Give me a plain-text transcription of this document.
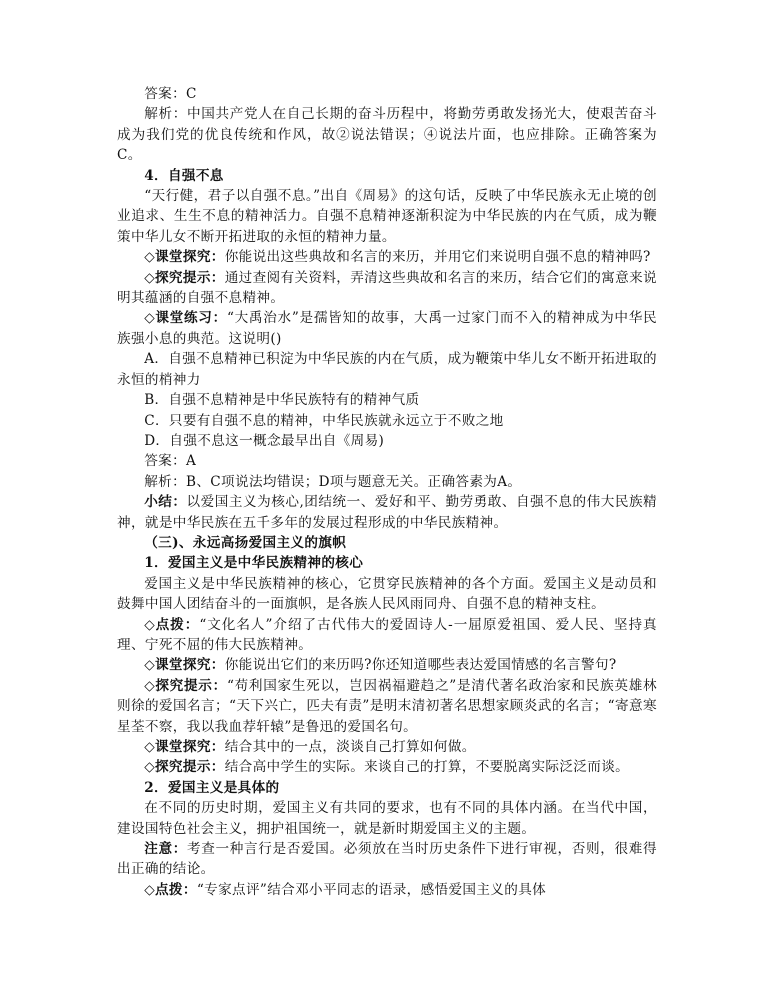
答案：C

解析：中国共产党人在自己长期的奋斗历程中，将勤劳勇敢发扬光大，使艰苦奋斗成为我们党的优良传统和作风，故②说法错误；④说法片面，也应排除。正确答案为C。

4．自强不息

“天行健，君子以自强不息。”出自《周易》的这句话，反映了中华民族永无止境的创业追求、生生不息的精神活力。自强不息精神逐渐积淀为中华民族的内在气质，成为鞭策中华儿女不断开拓进取的永恒的精神力量。

◇课堂探究：你能说出这些典故和名言的来历，并用它们来说明自强不息的精神吗?

◇探究提示：通过查阅有关资料，弄清这些典故和名言的来历，结合它们的寓意来说明其蕴涵的自强不息精神。

◇课堂练习：“大禹治水”是孺皆知的故事，大禹一过家门而不入的精神成为中华民族强小息的典范。这说明()

A．自强不息精神已积淀为中华民族的内在气质，成为鞭策中华儿女不断开拓进取的永恒的梢神力

B．自强不息精神是中华民族特有的精神气质

C．只要有自强不息的精神，中华民族就永远立于不败之地

D．自强不息这一概念最早出自《周易)

答案：A

解析：B、C项说法均错误；D项与题意无关。正确答素为A。

小结：以爱国主义为核心,团结统一、爱好和平、勤劳勇敢、自强不息的伟大民族精神，就是中华民族在五千多年的发展过程形成的中华民族精神。

（三)、永远高扬爱国主义的旗帜

1．爱国主义是中华民族精神的核心

爱国主义是中华民族精神的核心，它贯穿民族精神的各个方面。爱国主义是动员和鼓舞中国人团结奋斗的一面旗帜，是各族人民风雨同舟、自强不息的精神支柱。

◇点拨：“文化名人”介绍了古代伟大的爱固诗人-一屈原爱祖国、爱人民、坚持真理、宁死不屈的伟大民族精神。

◇课堂探究：你能说出它们的来历吗?你还知道哪些表达爱国情感的名言警句?

◇探究提示：“苟利国家生死以，岂因祸福避趋之”是清代著名政治家和民族英雄林则徐的爱国名言；“天下兴亡，匹夫有责”是明末清初著名思想家顾炎武的名言；“寄意寒星荃不察，我以我血荐轩辕”是鲁迅的爱国名句。

◇课堂探究：结合其中的一点，淡谈自己打算如何做。

◇探究提示：结合高中学生的实际。来谈自己的打算，不要脱离实际泛泛而谈。

2．爱国主义是具体的

在不同的历史时期，爱国主义有共同的要求，也有不同的具体内涵。在当代中国，建设国特色社会主义，拥护祖国统一，就是新时期爱国主义的主题。

注意：考查一种言行是否爱国。必须放在当时历史条件下进行审视，否则，很难得出正确的结论。

◇点拨：“专家点评”结合邓小平同志的语录，感悟爱国主义的具体
